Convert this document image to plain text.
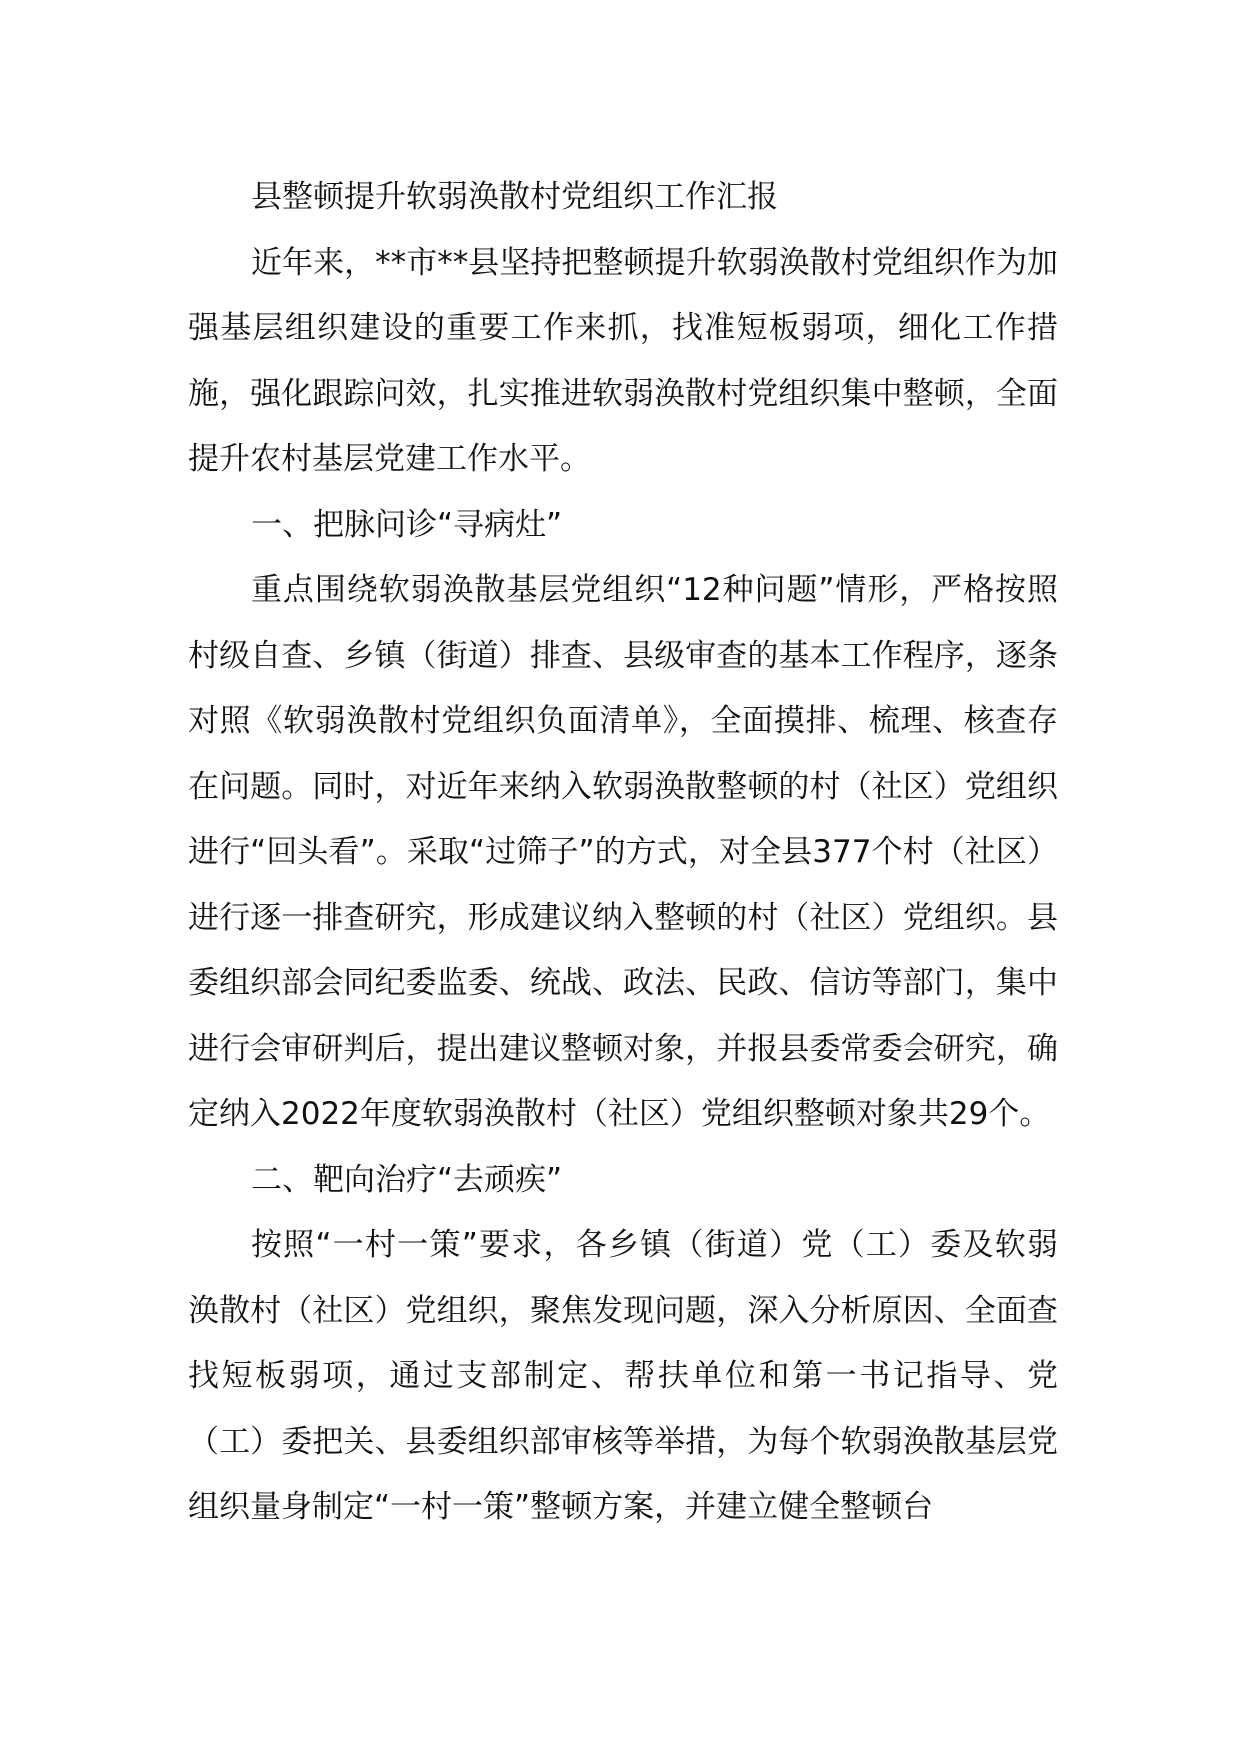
县整顿提升软弱涣散村党组织工作汇报

近年来，**市**县坚持把整顿提升软弱涣散村党组织作为加强基层组织建设的重要工作来抓，找准短板弱项，细化工作措施，强化跟踪问效，扎实推进软弱涣散村党组织集中整顿，全面提升农村基层党建工作水平。

一、把脉问诊“寻病灶”

重点围绕软弱涣散基层党组织“12种问题”情形，严格按照村级自查、乡镇（街道）排查、县级审查的基本工作程序，逐条对照《软弱涣散村党组织负面清单》，全面摸排、梳理、核查存在问题。同时，对近年来纳入软弱涣散整顿的村（社区）党组织进行“回头看”。采取“过筛子”的方式，对全县377个村（社区）进行逐一排查研究，形成建议纳入整顿的村（社区）党组织。县委组织部会同纪委监委、统战、政法、民政、信访等部门，集中进行会审研判后，提出建议整顿对象，并报县委常委会研究，确定纳入2022年度软弱涣散村（社区）党组织整顿对象共29个。

二、靶向治疗“去顽疾”

按照“一村一策”要求，各乡镇（街道）党（工）委及软弱涣散村（社区）党组织，聚焦发现问题，深入分析原因、全面查找短板弱项，通过支部制定、帮扶单位和第一书记指导、党（工）委把关、县委组织部审核等举措，为每个软弱涣散基层党组织量身制定“一村一策”整顿方案，并建立健全整顿台
